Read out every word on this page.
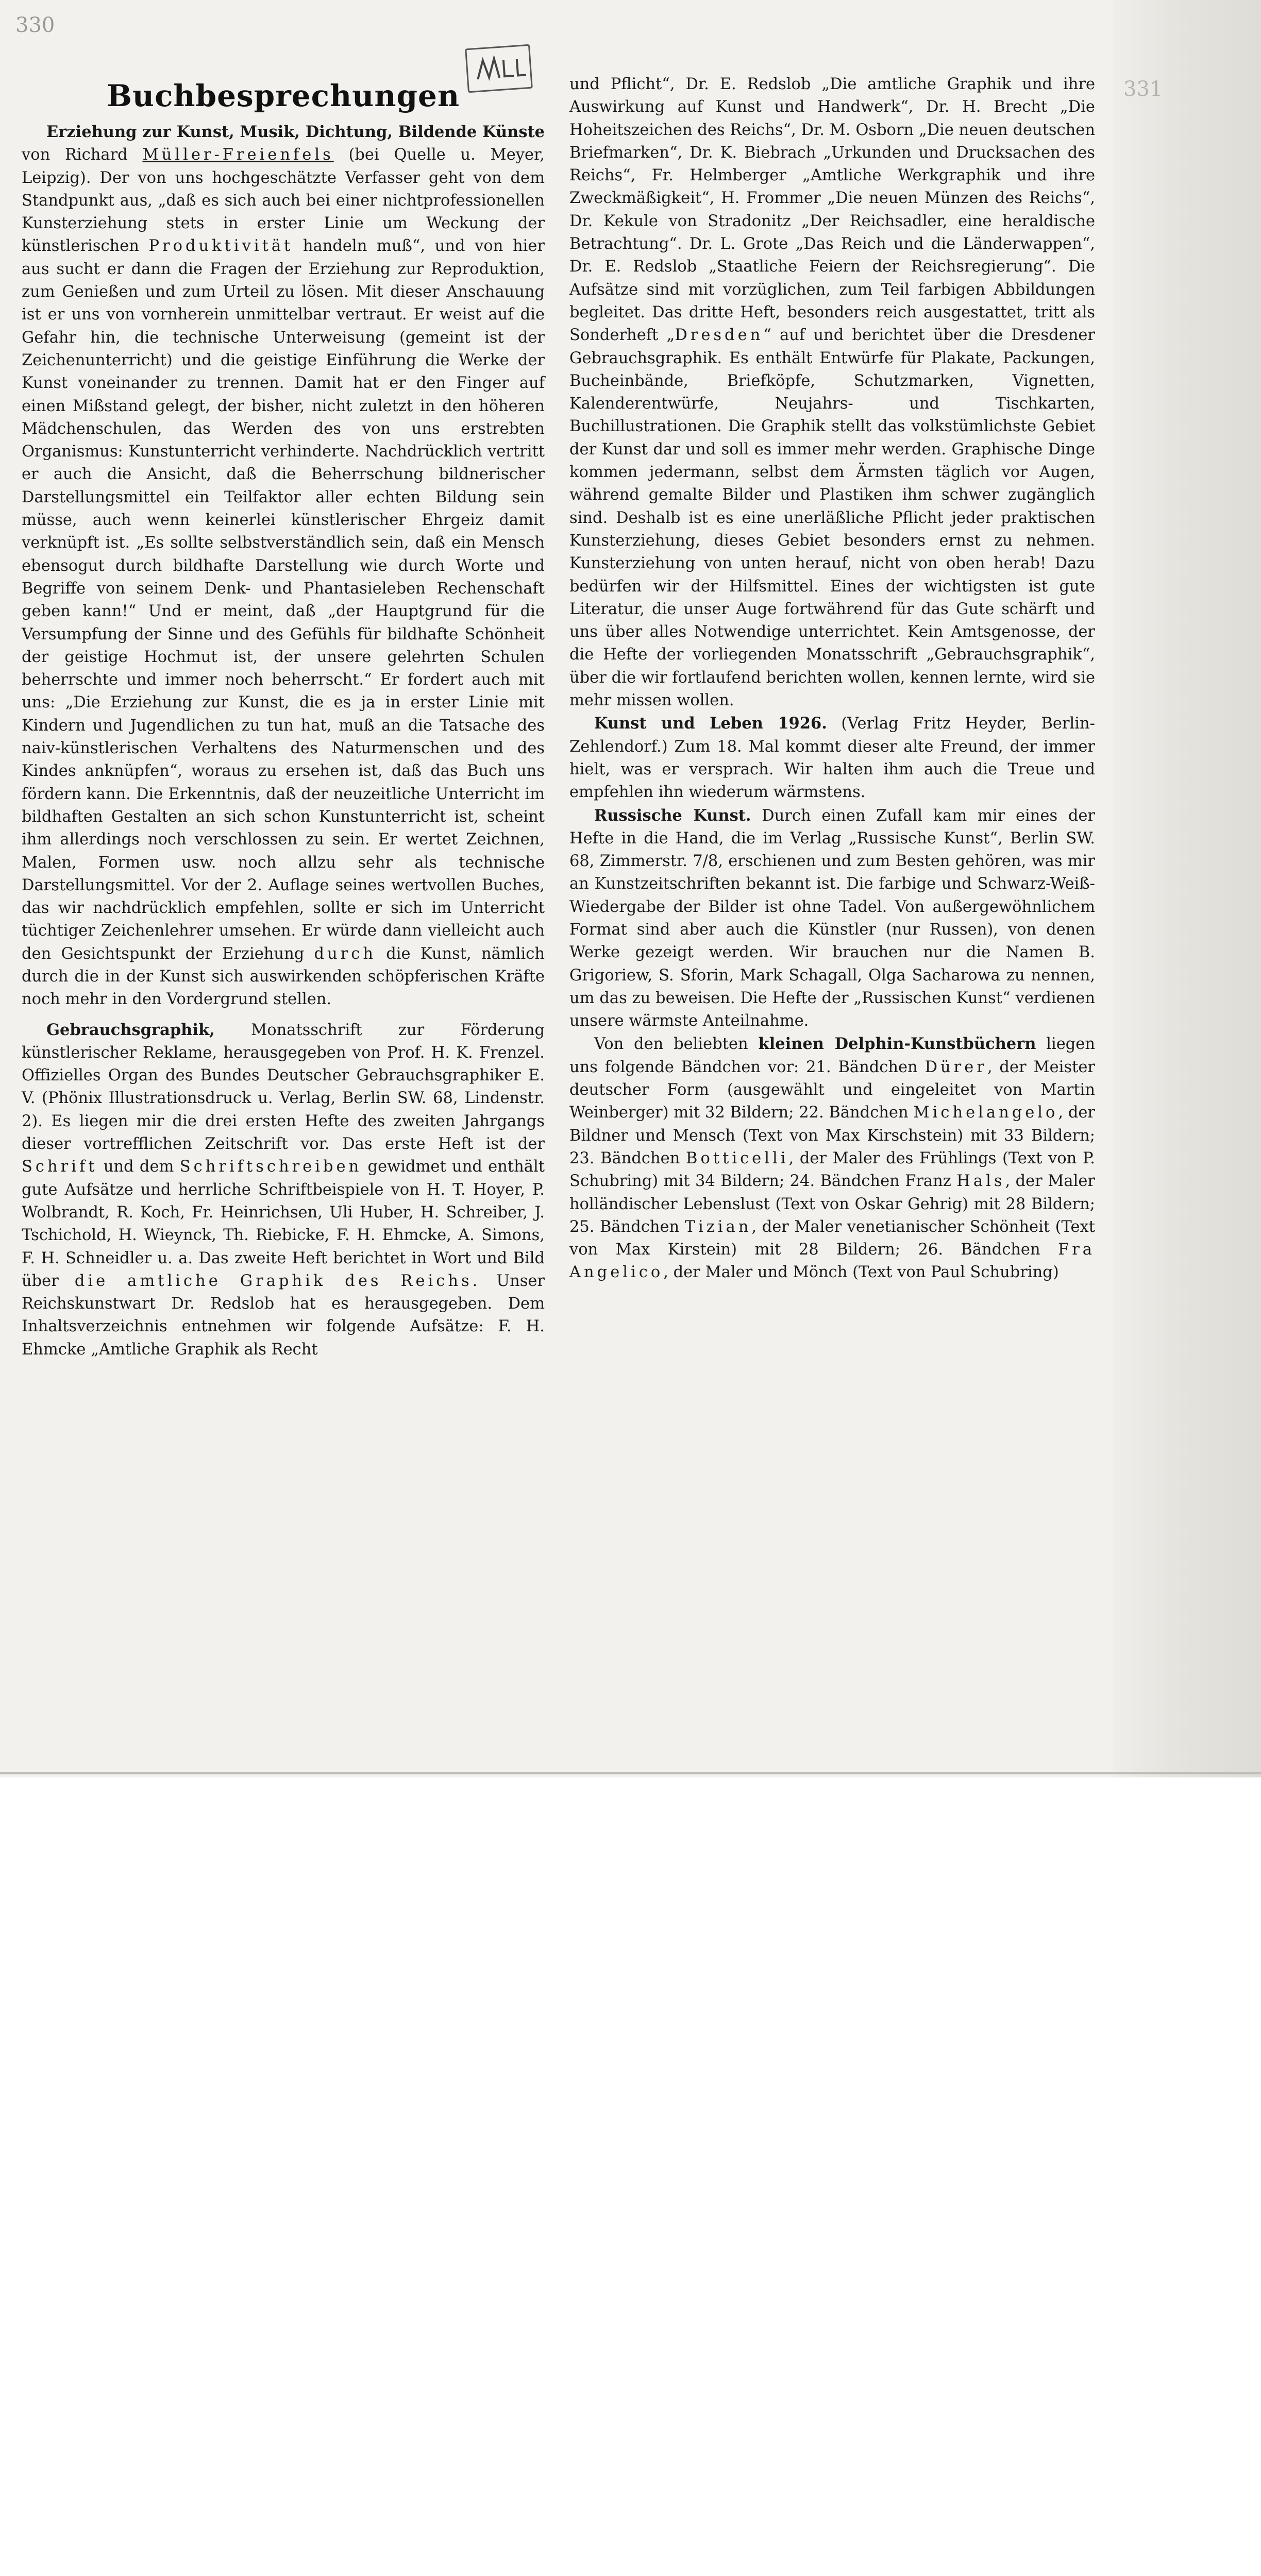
330
331
Buchbesprechungen

Erziehung zur Kunst, Musik, Dichtung, Bildende Künste von Richard Müller-Freienfels (bei Quelle u. Meyer, Leipzig). Der von uns hochgeschätzte Verfasser geht von dem Standpunkt aus, „daß es sich auch bei einer nichtprofessionellen Kunsterziehung stets in erster Linie um Weckung der künstlerischen Produktivität handeln muß“, und von hier aus sucht er dann die Fragen der Erziehung zur Reproduktion, zum Genießen und zum Urteil zu lösen. Mit dieser Anschauung ist er uns von vornherein unmittelbar vertraut. Er weist auf die Gefahr hin, die technische Unterweisung (gemeint ist der Zeichenunterricht) und die geistige Einführung die Werke der Kunst voneinander zu trennen. Damit hat er den Finger auf einen Mißstand gelegt, der bisher, nicht zuletzt in den höheren Mädchenschulen, das Werden des von uns erstrebten Organismus: Kunstunterricht verhinderte. Nachdrücklich vertritt er auch die Ansicht, daß die Beherrschung bildnerischer Darstellungsmittel ein Teilfaktor aller echten Bildung sein müsse, auch wenn keinerlei künstlerischer Ehrgeiz damit verknüpft ist. „Es sollte selbstverständlich sein, daß ein Mensch ebensogut durch bildhafte Darstellung wie durch Worte und Begriffe von seinem Denk- und Phantasieleben Rechenschaft geben kann!“ Und er meint, daß „der Hauptgrund für die Versumpfung der Sinne und des Gefühls für bildhafte Schönheit der geistige Hochmut ist, der unsere gelehrten Schulen beherrschte und immer noch beherrscht.“ Er fordert auch mit uns: „Die Erziehung zur Kunst, die es ja in erster Linie mit Kindern und Jugendlichen zu tun hat, muß an die Tatsache des naiv-künstlerischen Verhaltens des Naturmenschen und des Kindes anknüpfen“, woraus zu ersehen ist, daß das Buch uns fördern kann. Die Erkenntnis, daß der neuzeitliche Unterricht im bildhaften Gestalten an sich schon Kunstunterricht ist, scheint ihm allerdings noch verschlossen zu sein. Er wertet Zeichnen, Malen, Formen usw. noch allzu sehr als technische Darstellungsmittel. Vor der 2. Auflage seines wertvollen Buches, das wir nachdrücklich empfehlen, sollte er sich im Unterricht tüchtiger Zeichenlehrer umsehen. Er würde dann vielleicht auch den Gesichtspunkt der Erziehung durch die Kunst, nämlich durch die in der Kunst sich auswirkenden schöpferischen Kräfte noch mehr in den Vordergrund stellen.

Gebrauchsgraphik, Monatsschrift zur Förderung künstlerischer Reklame, herausgegeben von Prof. H. K. Frenzel. Offizielles Organ des Bundes Deutscher Gebrauchsgraphiker E. V. (Phönix Illustrationsdruck u. Verlag, Berlin SW. 68, Lindenstr. 2). Es liegen mir die drei ersten Hefte des zweiten Jahrgangs dieser vortrefflichen Zeitschrift vor. Das erste Heft ist der Schrift und dem Schriftschreiben gewidmet und enthält gute Aufsätze und herrliche Schriftbeispiele von H. T. Hoyer, P. Wolbrandt, R. Koch, Fr. Heinrichsen, Uli Huber, H. Schreiber, J. Tschichold, H. Wieynck, Th. Riebicke, F. H. Ehmcke, A. Simons, F. H. Schneidler u. a. Das zweite Heft berichtet in Wort und Bild über die amtliche Graphik des Reichs. Unser Reichskunstwart Dr. Redslob hat es herausgegeben. Dem Inhaltsverzeichnis entnehmen wir folgende Aufsätze: F. H. Ehmcke „Amtliche Graphik als Recht

und Pflicht“, Dr. E. Redslob „Die amtliche Graphik und ihre Auswirkung auf Kunst und Handwerk“, Dr. H. Brecht „Die Hoheitszeichen des Reichs“, Dr. M. Osborn „Die neuen deutschen Briefmarken“, Dr. K. Biebrach „Urkunden und Drucksachen des Reichs“, Fr. Helmberger „Amtliche Werkgraphik und ihre Zweckmäßigkeit“, H. Frommer „Die neuen Münzen des Reichs“, Dr. Kekule von Stradonitz „Der Reichsadler, eine heraldische Betrachtung“. Dr. L. Grote „Das Reich und die Länderwappen“, Dr. E. Redslob „Staatliche Feiern der Reichsregierung“. Die Aufsätze sind mit vorzüglichen, zum Teil farbigen Abbildungen begleitet. Das dritte Heft, besonders reich ausgestattet, tritt als Sonderheft „Dresden“ auf und berichtet über die Dresdener Gebrauchsgraphik. Es enthält Entwürfe für Plakate, Packungen, Bucheinbände, Briefköpfe, Schutzmarken, Vignetten, Kalenderentwürfe, Neujahrs- und Tischkarten, Buchillustrationen. Die Graphik stellt das volkstümlichste Gebiet der Kunst dar und soll es immer mehr werden. Graphische Dinge kommen jedermann, selbst dem Ärmsten täglich vor Augen, während gemalte Bilder und Plastiken ihm schwer zugänglich sind. Deshalb ist es eine unerläßliche Pflicht jeder praktischen Kunsterziehung, dieses Gebiet besonders ernst zu nehmen. Kunsterziehung von unten herauf, nicht von oben herab! Dazu bedürfen wir der Hilfsmittel. Eines der wichtigsten ist gute Literatur, die unser Auge fortwährend für das Gute schärft und uns über alles Notwendige unterrichtet. Kein Amtsgenosse, der die Hefte der vorliegenden Monatsschrift „Gebrauchsgraphik“, über die wir fortlaufend berichten wollen, kennen lernte, wird sie mehr missen wollen.

Kunst und Leben 1926. (Verlag Fritz Heyder, Berlin-Zehlendorf.) Zum 18. Mal kommt dieser alte Freund, der immer hielt, was er versprach. Wir halten ihm auch die Treue und empfehlen ihn wiederum wärmstens.

Russische Kunst. Durch einen Zufall kam mir eines der Hefte in die Hand, die im Verlag „Russische Kunst“, Berlin SW. 68, Zimmerstr. 7/8, erschienen und zum Besten gehören, was mir an Kunstzeitschriften bekannt ist. Die farbige und Schwarz-Weiß-Wiedergabe der Bilder ist ohne Tadel. Von außergewöhnlichem Format sind aber auch die Künstler (nur Russen), von denen Werke gezeigt werden. Wir brauchen nur die Namen B. Grigoriew, S. Sforin, Mark Schagall, Olga Sacharowa zu nennen, um das zu beweisen. Die Hefte der „Russischen Kunst“ verdienen unsere wärmste Anteilnahme.

Von den beliebten kleinen Delphin-Kunstbüchern liegen uns folgende Bändchen vor: 21. Bändchen Dürer, der Meister deutscher Form (ausgewählt und eingeleitet von Martin Weinberger) mit 32 Bildern; 22. Bändchen Michelangelo, der Bildner und Mensch (Text von Max Kirschstein) mit 33 Bildern; 23. Bändchen Botticelli, der Maler des Frühlings (Text von P. Schubring) mit 34 Bildern; 24. Bändchen Franz Hals, der Maler holländischer Lebenslust (Text von Oskar Gehrig) mit 28 Bildern; 25. Bändchen Tizian, der Maler venetianischer Schönheit (Text von Max Kirstein) mit 28 Bildern; 26. Bändchen Fra Angelico, der Maler und Mönch (Text von Paul Schubring)
